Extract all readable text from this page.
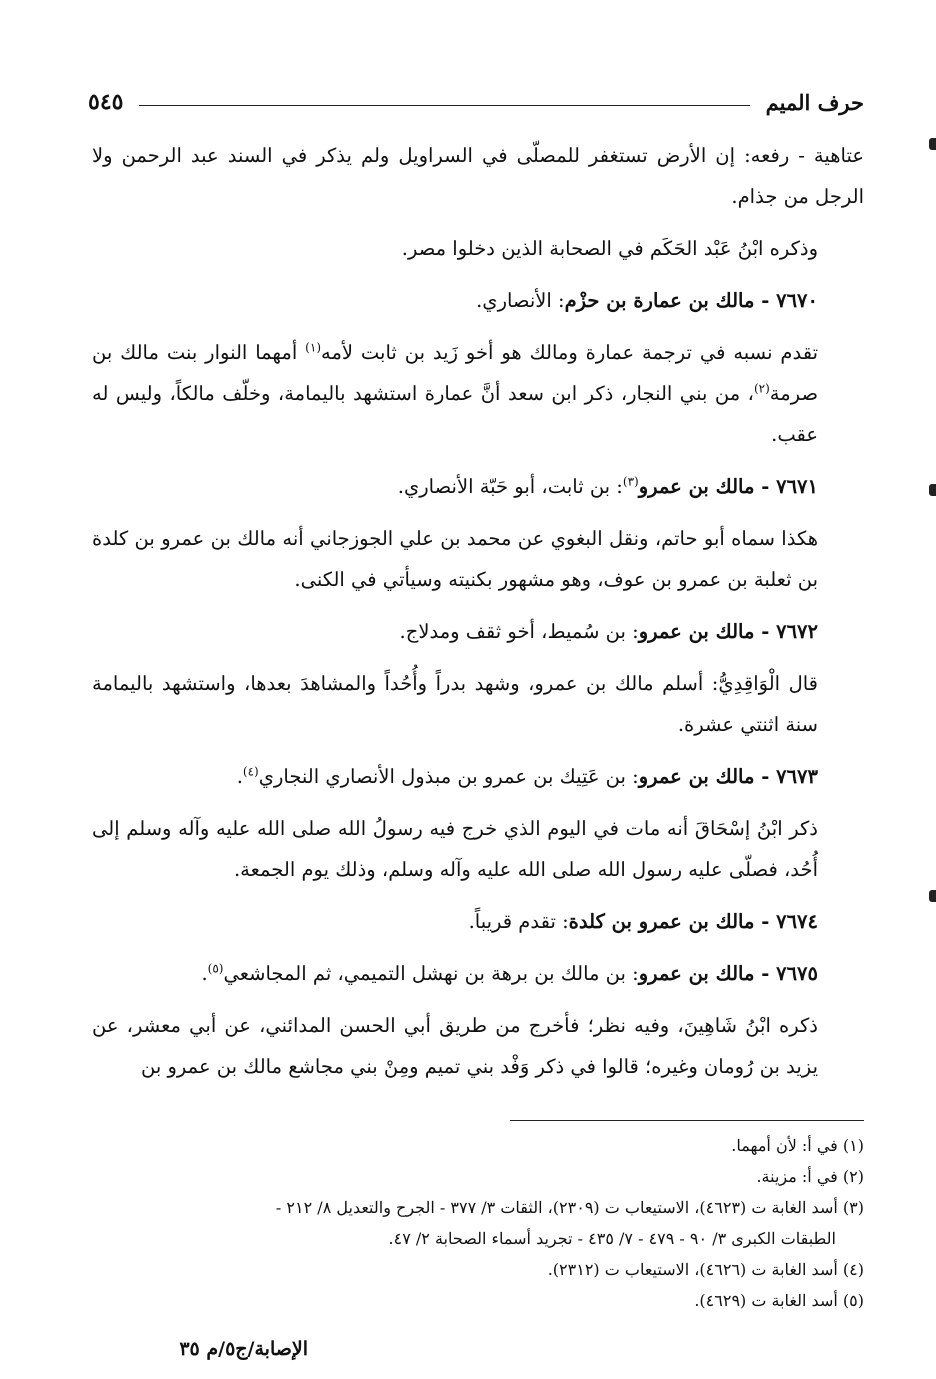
حرف الميم
٥٤٥

عتاهية - رفعه: إن الأرض تستغفر للمصلّى في السراويل ولم يذكر في السند عبد الرحمن ولا الرجل من جذام.

وذكره ابْنُ عَبْد الحَكَم في الصحابة الذين دخلوا مصر.

٧٦٧٠ - مالك بن عمارة بن حزْم: الأنصاري.

تقدم نسبه في ترجمة عمارة ومالك هو أخو زَيد بن ثابت لأمه$^{(١)}$ أمهما النوار بنت مالك بن صرمة$^{(٢)}$، من بني النجار، ذكر ابن سعد أنَّ عمارة استشهد باليمامة، وخلّف مالكاً، وليس له عقب.

٧٦٧١ - مالك بن عمرو$^{(٣)}$: بن ثابت، أبو حَبّة الأنصاري.

هكذا سماه أبو حاتم، ونقل البغوي عن محمد بن علي الجوزجاني أنه مالك بن عمرو بن كلدة بن ثعلبة بن عمرو بن عوف، وهو مشهور بكنيته وسيأتي في الكنى.

٧٦٧٢ - مالك بن عمرو: بن سُميط، أخو ثقف ومدلاج.

قال الْوَاقِدِيُّ: أسلم مالك بن عمرو، وشهد بدراً وأُحُداً والمشاهدَ بعدها، واستشهد باليمامة سنة اثنتي عشرة.

٧٦٧٣ - مالك بن عمرو: بن عَتِيك بن عمرو بن مبذول الأنصاري النجاري$^{(٤)}$.

ذكر ابْنُ إسْحَاقَ أنه مات في اليوم الذي خرج فيه رسولُ الله صلى الله عليه وآله وسلم إلى أُحُد، فصلّى عليه رسول الله صلى الله عليه وآله وسلم، وذلك يوم الجمعة.

٧٦٧٤ - مالك بن عمرو بن كلدة: تقدم قريباً.

٧٦٧٥ - مالك بن عمرو: بن مالك بن برهة بن نهشل التميمي، ثم المجاشعي$^{(٥)}$.

ذكره ابْنُ شَاهِينَ، وفيه نظر؛ فأخرج من طريق أبي الحسن المدائني، عن أبي معشر، عن يزيد بن رُومان وغيره؛ قالوا في ذكر وَفْد بني تميم ومِنْ بني مجاشع مالك بن عمرو بن

(١) في أ: لأن أمهما.

(٢) في أ: مزينة.

(٣) أسد الغابة ت (٤٦٢٣)، الاستيعاب ت (٢٣٠٩)، الثقات ٣/ ٣٧٧ - الجرح والتعديل ٨/ ٢١٢ -

الطبقات الكبرى ٣/ ٩٠ - ٤٧٩ - ٧/ ٤٣٥ - تجريد أسماء الصحابة ٢/ ٤٧.

(٤) أسد الغابة ت (٤٦٢٦)، الاستيعاب ت (٢٣١٢).

(٥) أسد الغابة ت (٤٦٢٩).

الإصابة/ج٥/م ٣٥
